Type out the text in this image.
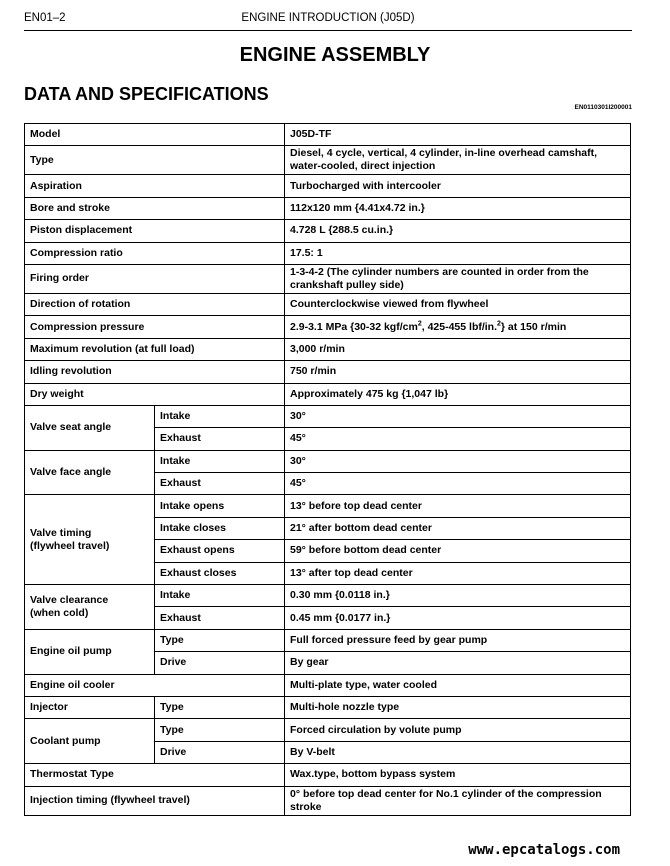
EN01–2	ENGINE INTRODUCTION (J05D)
ENGINE ASSEMBLY
DATA AND SPECIFICATIONS
EN0110301I200001
Model		J05D-TF
Type		Diesel, 4 cycle, vertical, 4 cylinder, in-line overhead camshaft,
water-cooled, direct injection
Aspiration		Turbocharged with intercooler
Bore and stroke		112x120 mm {4.41x4.72 in.}
Piston displacement		4.728 L {288.5 cu.in.}
Compression ratio		17.5: 1
Firing order		1-3-4-2 (The cylinder numbers are counted in order from the
crankshaft pulley side)
Direction of rotation		Counterclockwise viewed from flywheel
Compression pressure		2.9-3.1 MPa {30-32 kgf/$cm^2$, 425-455 lbf/in.$^2$} at 150 r/min
Maximum revolution (at full load)		3,000 r/min
Idling revolution		750 r/min
Dry weight		Approximately 475 kg {1,047 lb}
Valve seat angle	Intake	30°
	Exhaust	45°
Valve face angle	Intake	30°
	Exhaust	45°
Valve timing
(flywheel travel)	Intake opens	13° before top dead center
	Intake closes	21° after bottom dead center
	Exhaust opens	59° before bottom dead center
	Exhaust closes	13° after top dead center
Valve clearance
(when cold)	Intake	0.30 mm {0.0118 in.}
	Exhaust	0.45 mm {0.0177 in.}
Engine oil pump	Type	Full forced pressure feed by gear pump
	Drive	By gear
Engine oil cooler		Multi-plate type, water cooled
Injector	Type	Multi-hole nozzle type
Coolant pump	Type	Forced circulation by volute pump
	Drive	By V-belt
Thermostat Type		Wax.type, bottom bypass system
Injection timing (flywheel travel)		0° before top dead center for No.1 cylinder of the compression
stroke
www.epcatalogs.com
